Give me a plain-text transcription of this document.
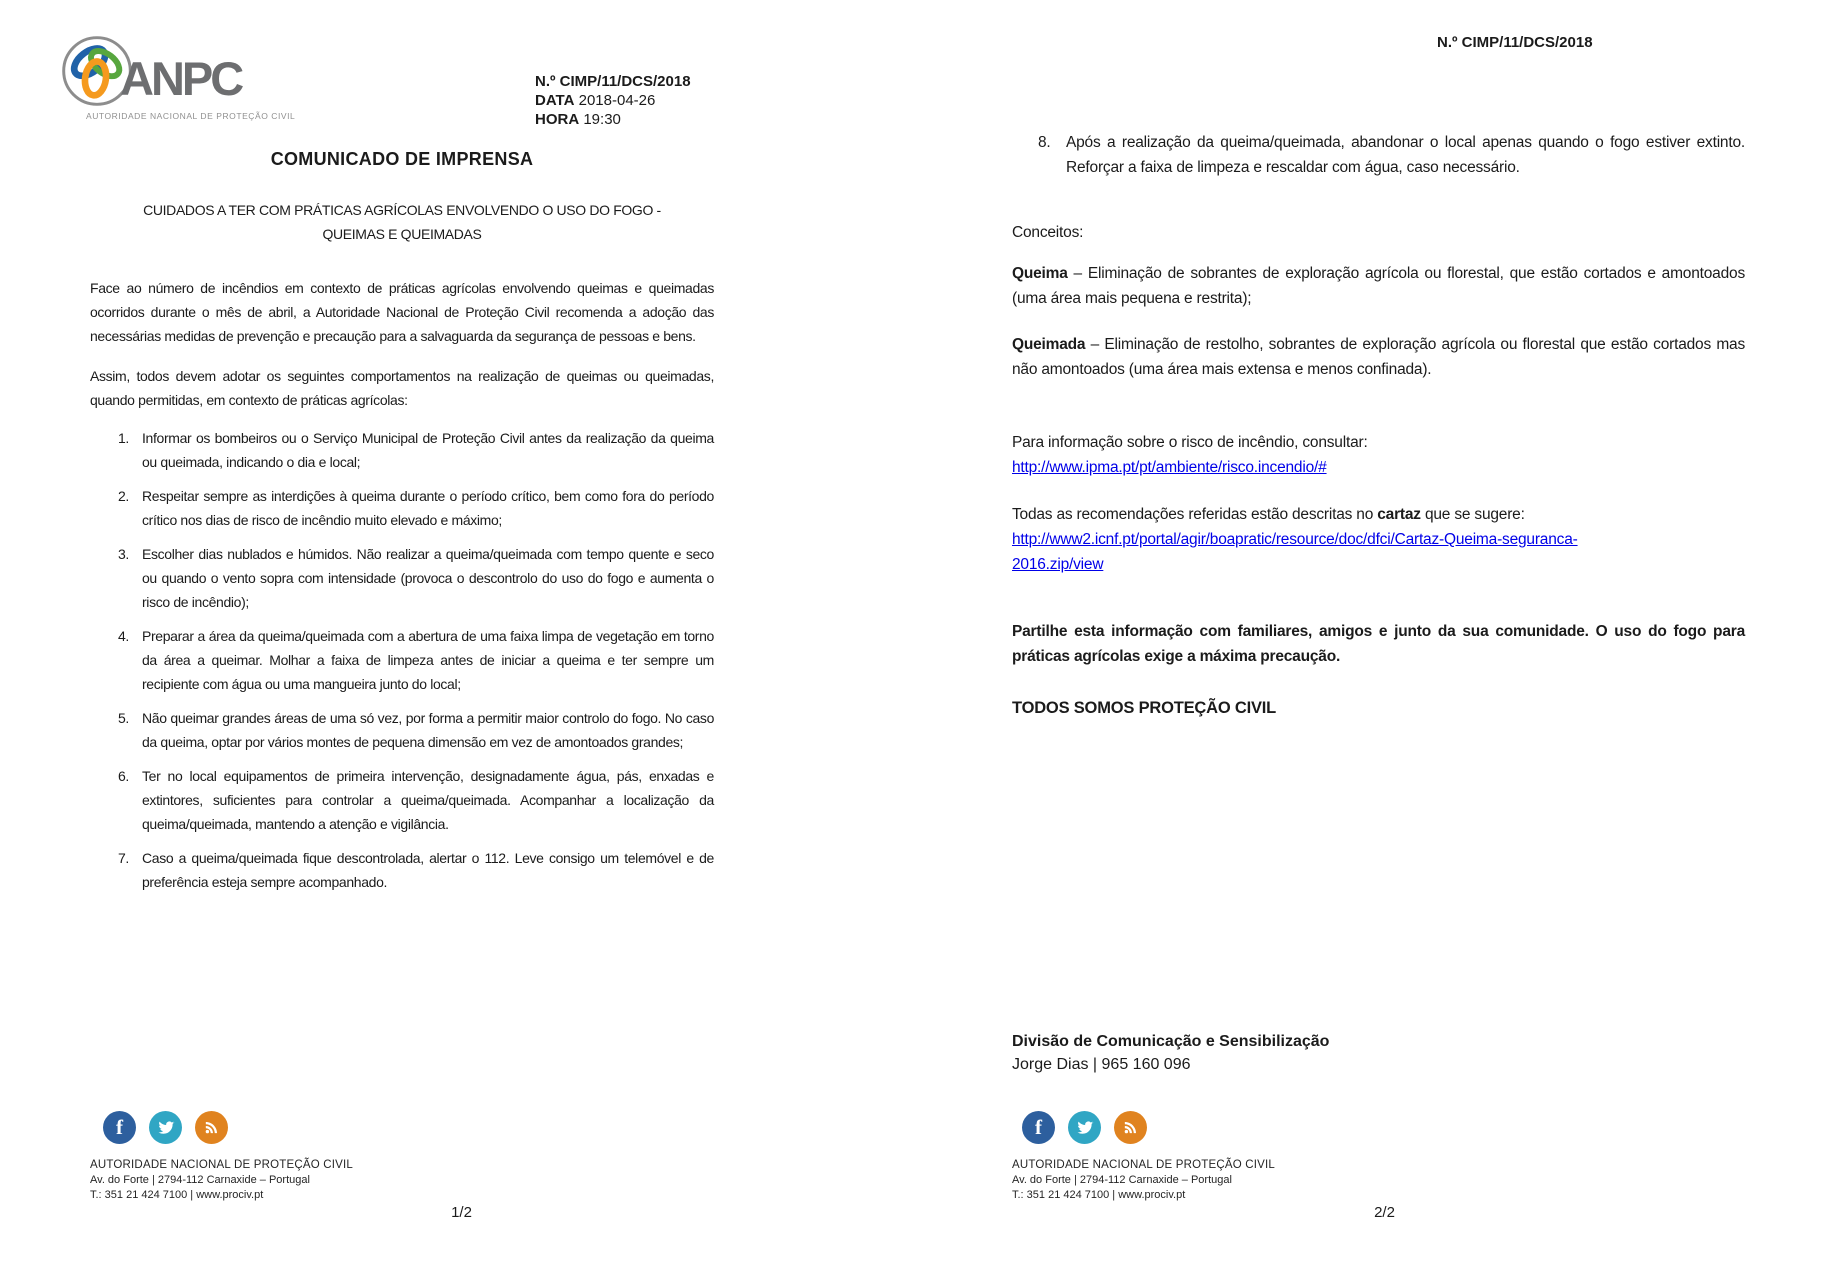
ANPC
AUTORIDADE NACIONAL DE PROTEÇÃO CIVIL
N.º CIMP/11/DCS/2018
DATA 2018-04-26
HORA 19:30
COMUNICADO DE IMPRENSA
CUIDADOS A TER COM PRÁTICAS AGRÍCOLAS ENVOLVENDO O USO DO FOGO -
QUEIMAS E QUEIMADAS

Face ao número de incêndios em contexto de práticas agrícolas envolvendo queimas e queimadas ocorridos durante o mês de abril, a Autoridade Nacional de Proteção Civil recomenda a adoção das necessárias medidas de prevenção e precaução para a salvaguarda da segurança de pessoas e bens.

Assim, todos devem adotar os seguintes comportamentos na realização de queimas ou queimadas, quando permitidas, em contexto de práticas agrícolas:

1. Informar os bombeiros ou o Serviço Municipal de Proteção Civil antes da realização da queima ou queimada, indicando o dia e local;
2. Respeitar sempre as interdições à queima durante o período crítico, bem como fora do período crítico nos dias de risco de incêndio muito elevado e máximo;
3. Escolher dias nublados e húmidos. Não realizar a queima/queimada com tempo quente e seco ou quando o vento sopra com intensidade (provoca o descontrolo do uso do fogo e aumenta o risco de incêndio);
4. Preparar a área da queima/queimada com a abertura de uma faixa limpa de vegetação em torno da área a queimar. Molhar a faixa de limpeza antes de iniciar a queima e ter sempre um recipiente com água ou uma mangueira junto do local;
5. Não queimar grandes áreas de uma só vez, por forma a permitir maior controlo do fogo. No caso da queima, optar por vários montes de pequena dimensão em vez de amontoados grandes;
6. Ter no local equipamentos de primeira intervenção, designadamente água, pás, enxadas e extintores, suficientes para controlar a queima/queimada. Acompanhar a localização da queima/queimada, mantendo a atenção e vigilância.
7. Caso a queima/queimada fique descontrolada, alertar o 112. Leve consigo um telemóvel e de preferência esteja sempre acompanhado.
f
AUTORIDADE NACIONAL DE PROTEÇÃO CIVIL
Av. do Forte | 2794-112 Carnaxide – Portugal
T.: 351 21 424 7100 | www.prociv.pt
1/2
N.º CIMP/11/DCS/2018
8. Após a realização da queima/queimada, abandonar o local apenas quando o fogo estiver extinto. Reforçar a faixa de limpeza e rescaldar com água, caso necessário.

Conceitos:

Queima – Eliminação de sobrantes de exploração agrícola ou florestal, que estão cortados e amontoados (uma área mais pequena e restrita);

Queimada – Eliminação de restolho, sobrantes de exploração agrícola ou florestal que estão cortados mas não amontoados (uma área mais extensa e menos confinada).

Para informação sobre o risco de incêndio, consultar:

http://www.ipma.pt/pt/ambiente/risco.incendio/#

Todas as recomendações referidas estão descritas no cartaz que se sugere:

http://www2.icnf.pt/portal/agir/boapratic/resource/doc/dfci/Cartaz-Queima-seguranca-
2016.zip/view

Partilhe esta informação com familiares, amigos e junto da sua comunidade. O uso do fogo para práticas agrícolas exige a máxima precaução.

TODOS SOMOS PROTEÇÃO CIVIL

Divisão de Comunicação e Sensibilização
Jorge Dias | 965 160 096
f
AUTORIDADE NACIONAL DE PROTEÇÃO CIVIL
Av. do Forte | 2794-112 Carnaxide – Portugal
T.: 351 21 424 7100 | www.prociv.pt
2/2
